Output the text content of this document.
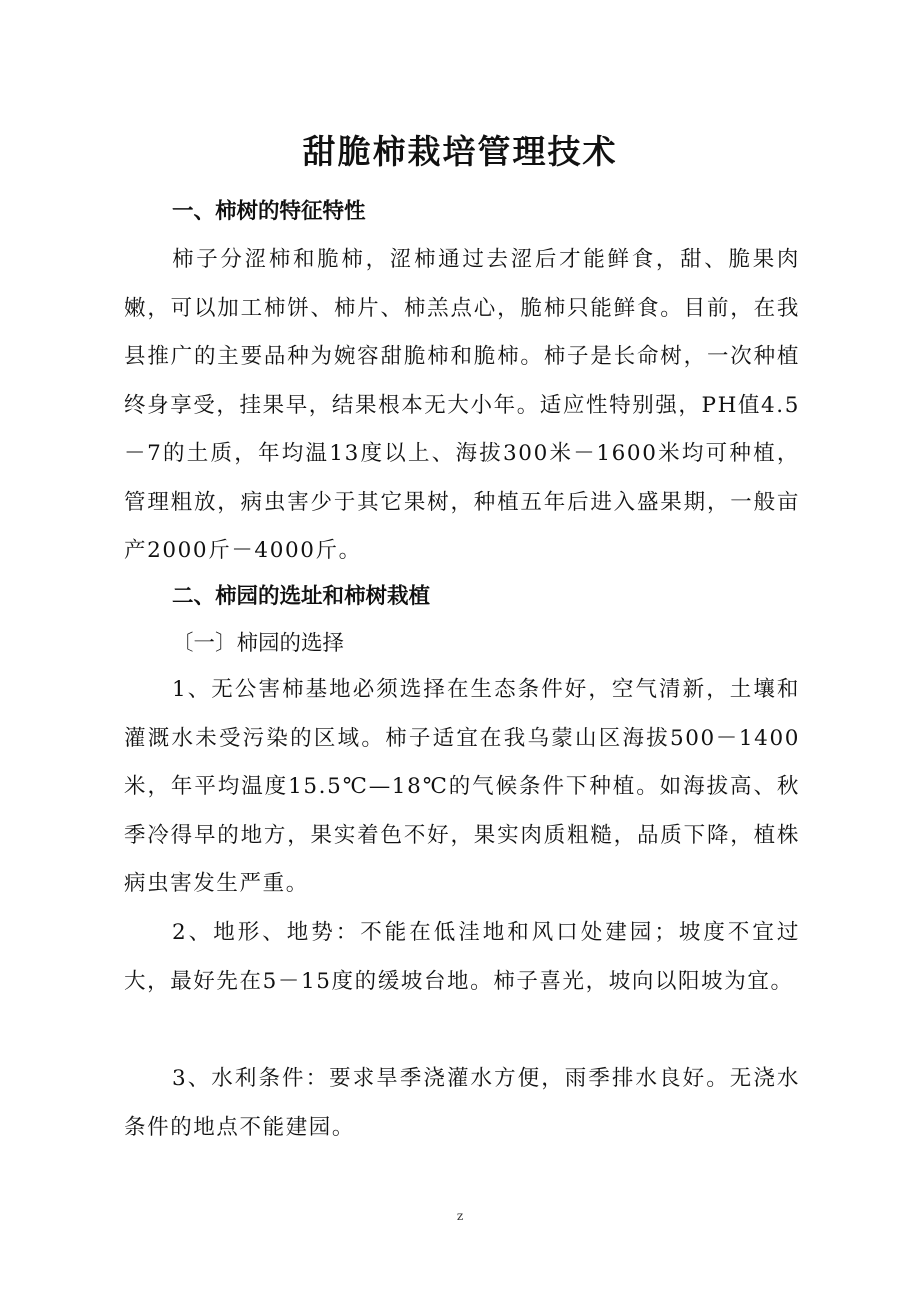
甜脆柿栽培管理技术
一、柿树的特征特性

柿子分涩柿和脆柿，涩柿通过去涩后才能鲜食，甜、脆果肉嫩，可以加工柿饼、柿片、柿羔点心，脆柿只能鲜食。目前，在我县推广的主要品种为婉容甜脆柿和脆柿。柿子是长命树，一次种植终身享受，挂果早，结果根本无大小年。适应性特别强，PH值4.5－7的土质，年均温13度以上、海拔300米－1600米均可种植，管理粗放，病虫害少于其它果树，种植五年后进入盛果期，一般亩产2000斤－4000斤。

二、柿园的选址和柿树栽植

〔一〕柿园的选择

1、无公害柿基地必须选择在生态条件好，空气清新，土壤和灌溉水未受污染的区域。柿子适宜在我乌蒙山区海拔500－1400米，年平均温度15.5℃—18℃的气候条件下种植。如海拔高、秋季冷得早的地方，果实着色不好，果实肉质粗糙，品质下降，植株病虫害发生严重。

2、地形、地势：不能在低洼地和风口处建园；坡度不宜过大，最好先在5－15度的缓坡台地。柿子喜光，坡向以阳坡为宜。

3、水利条件：要求旱季浇灌水方便，雨季排水良好。无浇水条件的地点不能建园。

z
